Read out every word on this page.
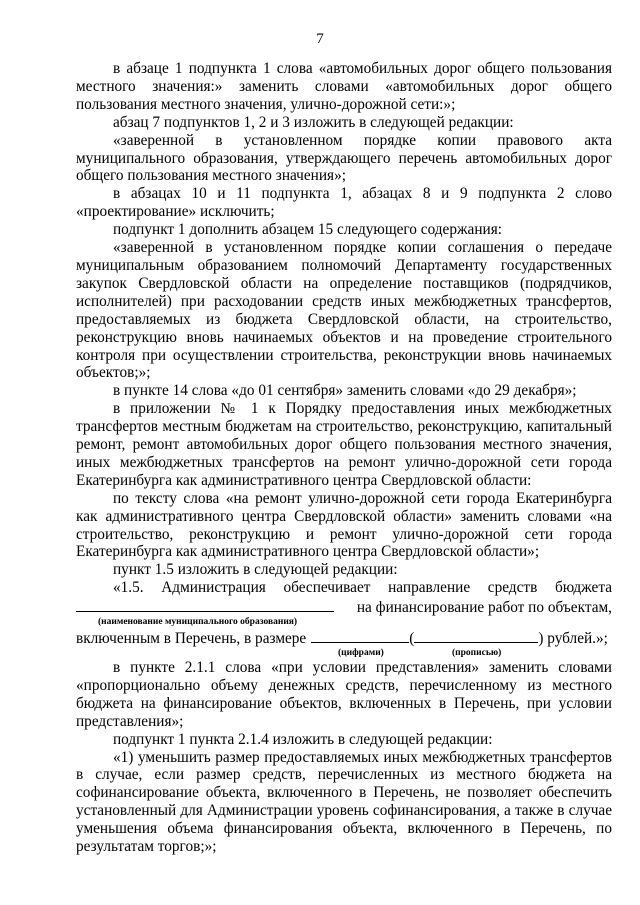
7

в абзаце 1 подпункта 1 слова «автомобильных дорог общего пользования местного значения:» заменить словами «автомобильных дорог общего пользования местного значения, улично-дорожной сети:»;

абзац 7 подпунктов 1, 2 и 3 изложить в следующей редакции:

«заверенной в установленном порядке копии правового акта муниципального образования, утверждающего перечень автомобильных дорог общего пользования местного значения»;

в абзацах 10 и 11 подпункта 1, абзацах 8 и 9 подпункта 2 слово «проектирование» исключить;

подпункт 1 дополнить абзацем 15 следующего содержания:

«заверенной в установленном порядке копии соглашения о передаче муниципальным образованием полномочий Департаменту государственных закупок Свердловской области на определение поставщиков (подрядчиков, исполнителей) при расходовании средств иных межбюджетных трансфертов, предоставляемых из бюджета Свердловской области, на строительство, реконструкцию вновь начинаемых объектов и на проведение строительного контроля при осуществлении строительства, реконструкции вновь начинаемых объектов;»;

в пункте 14 слова «до 01 сентября» заменить словами «до 29 декабря»;

в приложении № 1 к Порядку предоставления иных межбюджетных трансфертов местным бюджетам на строительство, реконструкцию, капитальный ремонт, ремонт автомобильных дорог общего пользования местного значения, иных межбюджетных трансфертов на ремонт улично-дорожной сети города Екатеринбурга как административного центра Свердловской области:

по тексту слова «на ремонт улично-дорожной сети города Екатеринбурга как административного центра Свердловской области» заменить словами «на строительство, реконструкцию и ремонт улично-дорожной сети города Екатеринбурга как административного центра Свердловской области»;

пункт 1.5 изложить в следующей редакции:

«1.5. Администрация обеспечивает направление средств бюджета
на финансирование работ по объектам,
(наименование муниципального образования)
включенным в Перечень, в размере	(	) рублей.»;
(цифрами)	(прописью)

в пункте 2.1.1 слова «при условии представления» заменить словами «пропорционально объему денежных средств, перечисленному из местного бюджета на финансирование объектов, включенных в Перечень, при условии представления»;

подпункт 1 пункта 2.1.4 изложить в следующей редакции:

«1) уменьшить размер предоставляемых иных межбюджетных трансфертов в случае, если размер средств, перечисленных из местного бюджета на софинансирование объекта, включенного в Перечень, не позволяет обеспечить установленный для Администрации уровень софинансирования, а также в случае уменьшения объема финансирования объекта, включенного в Перечень, по результатам торгов;»;
